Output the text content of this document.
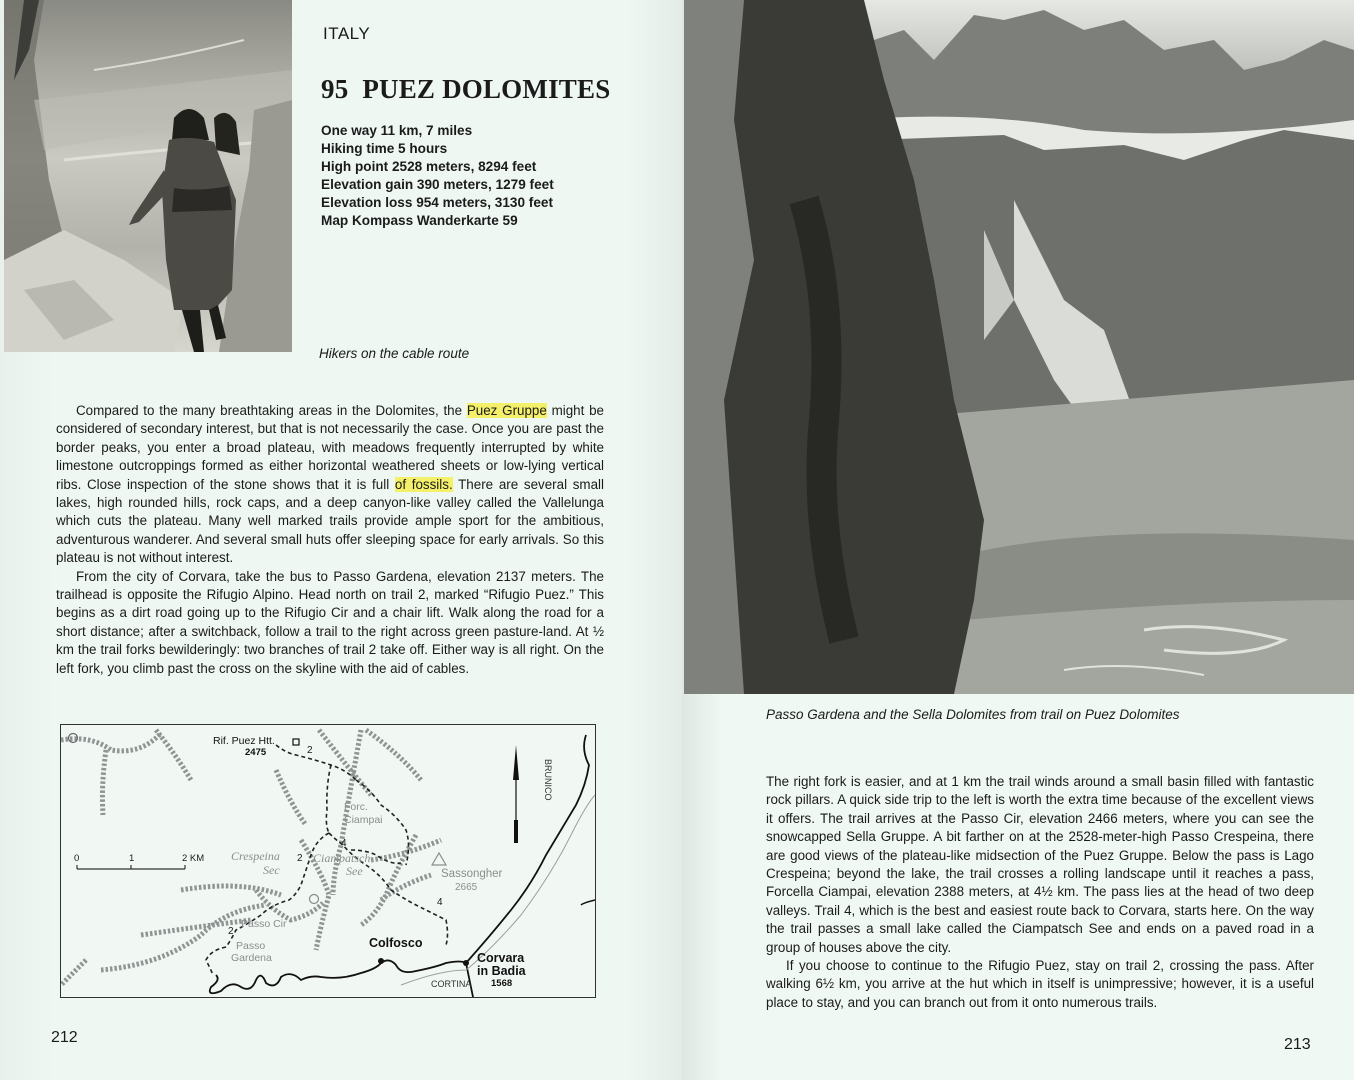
ITALY
95 PUEZ DOLOMITES
One way 11 km, 7 miles
Hiking time 5 hours
High point 2528 meters, 8294 feet
Elevation gain 390 meters, 1279 feet
Elevation loss 954 meters, 3130 feet
Map Kompass Wanderkarte 59
Hikers on the cable route

Compared to the many breathtaking areas in the Dolomites, the Puez Gruppe might be considered of secondary interest, but that is not necessarily the case. Once you are past the border peaks, you enter a broad plateau, with meadows frequently interrupted by white limestone outcroppings formed as either horizontal weathered sheets or low-lying vertical ribs. Close inspection of the stone shows that it is full of fossils. There are several small lakes, high rounded hills, rock caps, and a deep canyon-like valley called the Vallelunga which cuts the plateau. Many well marked trails provide ample sport for the ambitious, adventurous wanderer. And several small huts offer sleeping space for early arrivals. So this plateau is not without interest.

From the city of Corvara, take the bus to Passo Gardena, elevation 2137 meters. The trailhead is opposite the Rifugio Alpino. Head north on trail 2, marked “Rifugio Puez.” This begins as a dirt road going up to the Rifugio Cir and a chair lift. Walk along the road for a short distance; after a switchback, follow a trail to the right across green pasture-land. At ½ km the trail forks bewilderingly: two branches of trail 2 take off. Either way is all right. On the left fork, you climb past the cross on the skyline with the aid of cables.

Rif. Puez Htt.
2475	2
Forc.
Ciampai
Crespeina
Sec
2 Ciampatsch
See
4
Sassongher
2665
4
Passo Cir
2
Passo
Gardena
Colfosco
Corvara
in Badia
1568
CORTINA
BRUNICO
0	1	2 KM
212
Passo Gardena and the Sella Dolomites from trail on Puez Dolomites

The right fork is easier, and at 1 km the trail winds around a small basin filled with fantastic rock pillars. A quick side trip to the left is worth the extra time because of the excellent views it offers. The trail arrives at the Passo Cir, elevation 2466 meters, where you can see the snowcapped Sella Gruppe. A bit farther on at the 2528-meter-high Passo Crespeina, there are good views of the plateau-like midsection of the Puez Gruppe. Below the pass is Lago Crespeina; beyond the lake, the trail crosses a rolling landscape until it reaches a pass, Forcella Ciampai, elevation 2388 meters, at 4½ km. The pass lies at the head of two deep valleys. Trail 4, which is the best and easiest route back to Corvara, starts here. On the way the trail passes a small lake called the Ciampatsch See and ends on a paved road in a group of houses above the city.

If you choose to continue to the Rifugio Puez, stay on trail 2, crossing the pass. After walking 6½ km, you arrive at the hut which in itself is unimpressive; however, it is a useful place to stay, and you can branch out from it onto numerous trails.

213
